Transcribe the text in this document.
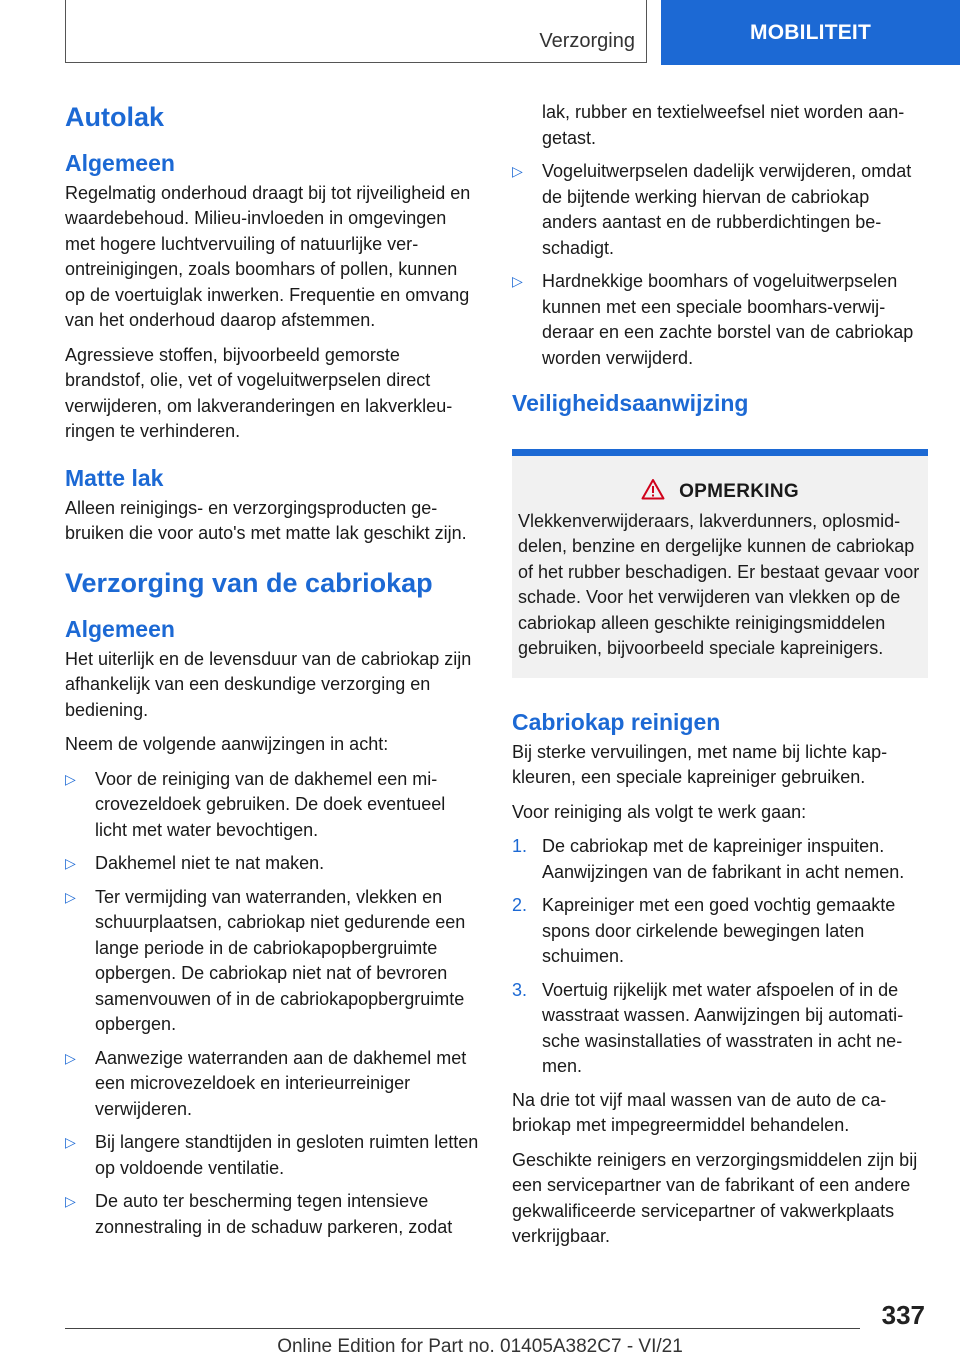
Verzorging	MOBILITEIT
Autolak
Algemeen

Regelmatig onderhoud draagt bij tot rijveiligheid en waardebehoud. Milieu-invloeden in omgevingen met hogere luchtvervuiling of natuurlijke verontreinigingen, zoals boomhars of pollen, kunnen op de voertuiglak inwerken. Frequentie en omvang van het onderhoud daarop afstemmen.

Agressieve stoffen, bijvoorbeeld gemorste brandstof, olie, vet of vogeluitwerpselen direct verwijderen, om lakveranderingen en lakverkleuringen te verhinderen.

Matte lak

Alleen reinigings- en verzorgingsproducten gebruiken die voor auto's met matte lak geschikt zijn.

Verzorging van de cabriokap
Algemeen

Het uiterlijk en de levensduur van de cabriokap zijn afhankelijk van een deskundige verzorging en bediening.

Neem de volgende aanwijzingen in acht:

▷ Voor de reiniging van de dakhemel een microvezeldoek gebruiken. De doek eventueel licht met water bevochtigen.
▷ Dakhemel niet te nat maken.
▷ Ter vermijding van waterranden, vlekken en schuurplaatsen, cabriokap niet gedurende een lange periode in de cabriokapopbergruimte opbergen. De cabriokap niet nat of bevroren samenvouwen of in de cabriokapopbergruimte opbergen.
▷ Aanwezige waterranden aan de dakhemel met een microvezeldoek en interieurreiniger verwijderen.
▷ Bij langere standtijden in gesloten ruimten letten op voldoende ventilatie.
▷ De auto ter bescherming tegen intensieve zonnestraling in de schaduw parkeren, zodat
lak, rubber en textielweefsel niet worden aangetast.
▷ Vogeluitwerpselen dadelijk verwijderen, omdat de bijtende werking hiervan de cabriokap anders aantast en de rubberdichtingen beschadigt.
▷ Hardnekkige boomhars of vogeluitwerpselen kunnen met een speciale boomhars-verwijderaar en een zachte borstel van de cabriokap worden verwijderd.
Veiligheidsaanwijzing
OPMERKING

Vlekkenverwijderaars, lakverdunners, oplosmiddelen, benzine en dergelijke kunnen de cabriokap of het rubber beschadigen. Er bestaat gevaar voor schade. Voor het verwijderen van vlekken op de cabriokap alleen geschikte reinigingsmiddelen gebruiken, bijvoorbeeld speciale kapreinigers.

Cabriokap reinigen

Bij sterke vervuilingen, met name bij lichte kapkleuren, een speciale kapreiniger gebruiken.

Voor reiniging als volgt te werk gaan:

1. De cabriokap met de kapreiniger inspuiten. Aanwijzingen van de fabrikant in acht nemen.
2. Kapreiniger met een goed vochtig gemaakte spons door cirkelende bewegingen laten schuimen.
3. Voertuig rijkelijk met water afspoelen of in de wasstraat wassen. Aanwijzingen bij automatische wasinstallaties of wasstraten in acht nemen.

Na drie tot vijf maal wassen van de auto de cabriokap met impegreermiddel behandelen.

Geschikte reinigers en verzorgingsmiddelen zijn bij een servicepartner van de fabrikant of een andere gekwalificeerde servicepartner of vakwerkplaats verkrijgbaar.

337
Online Edition for Part no. 01405A382C7 - VI/21
